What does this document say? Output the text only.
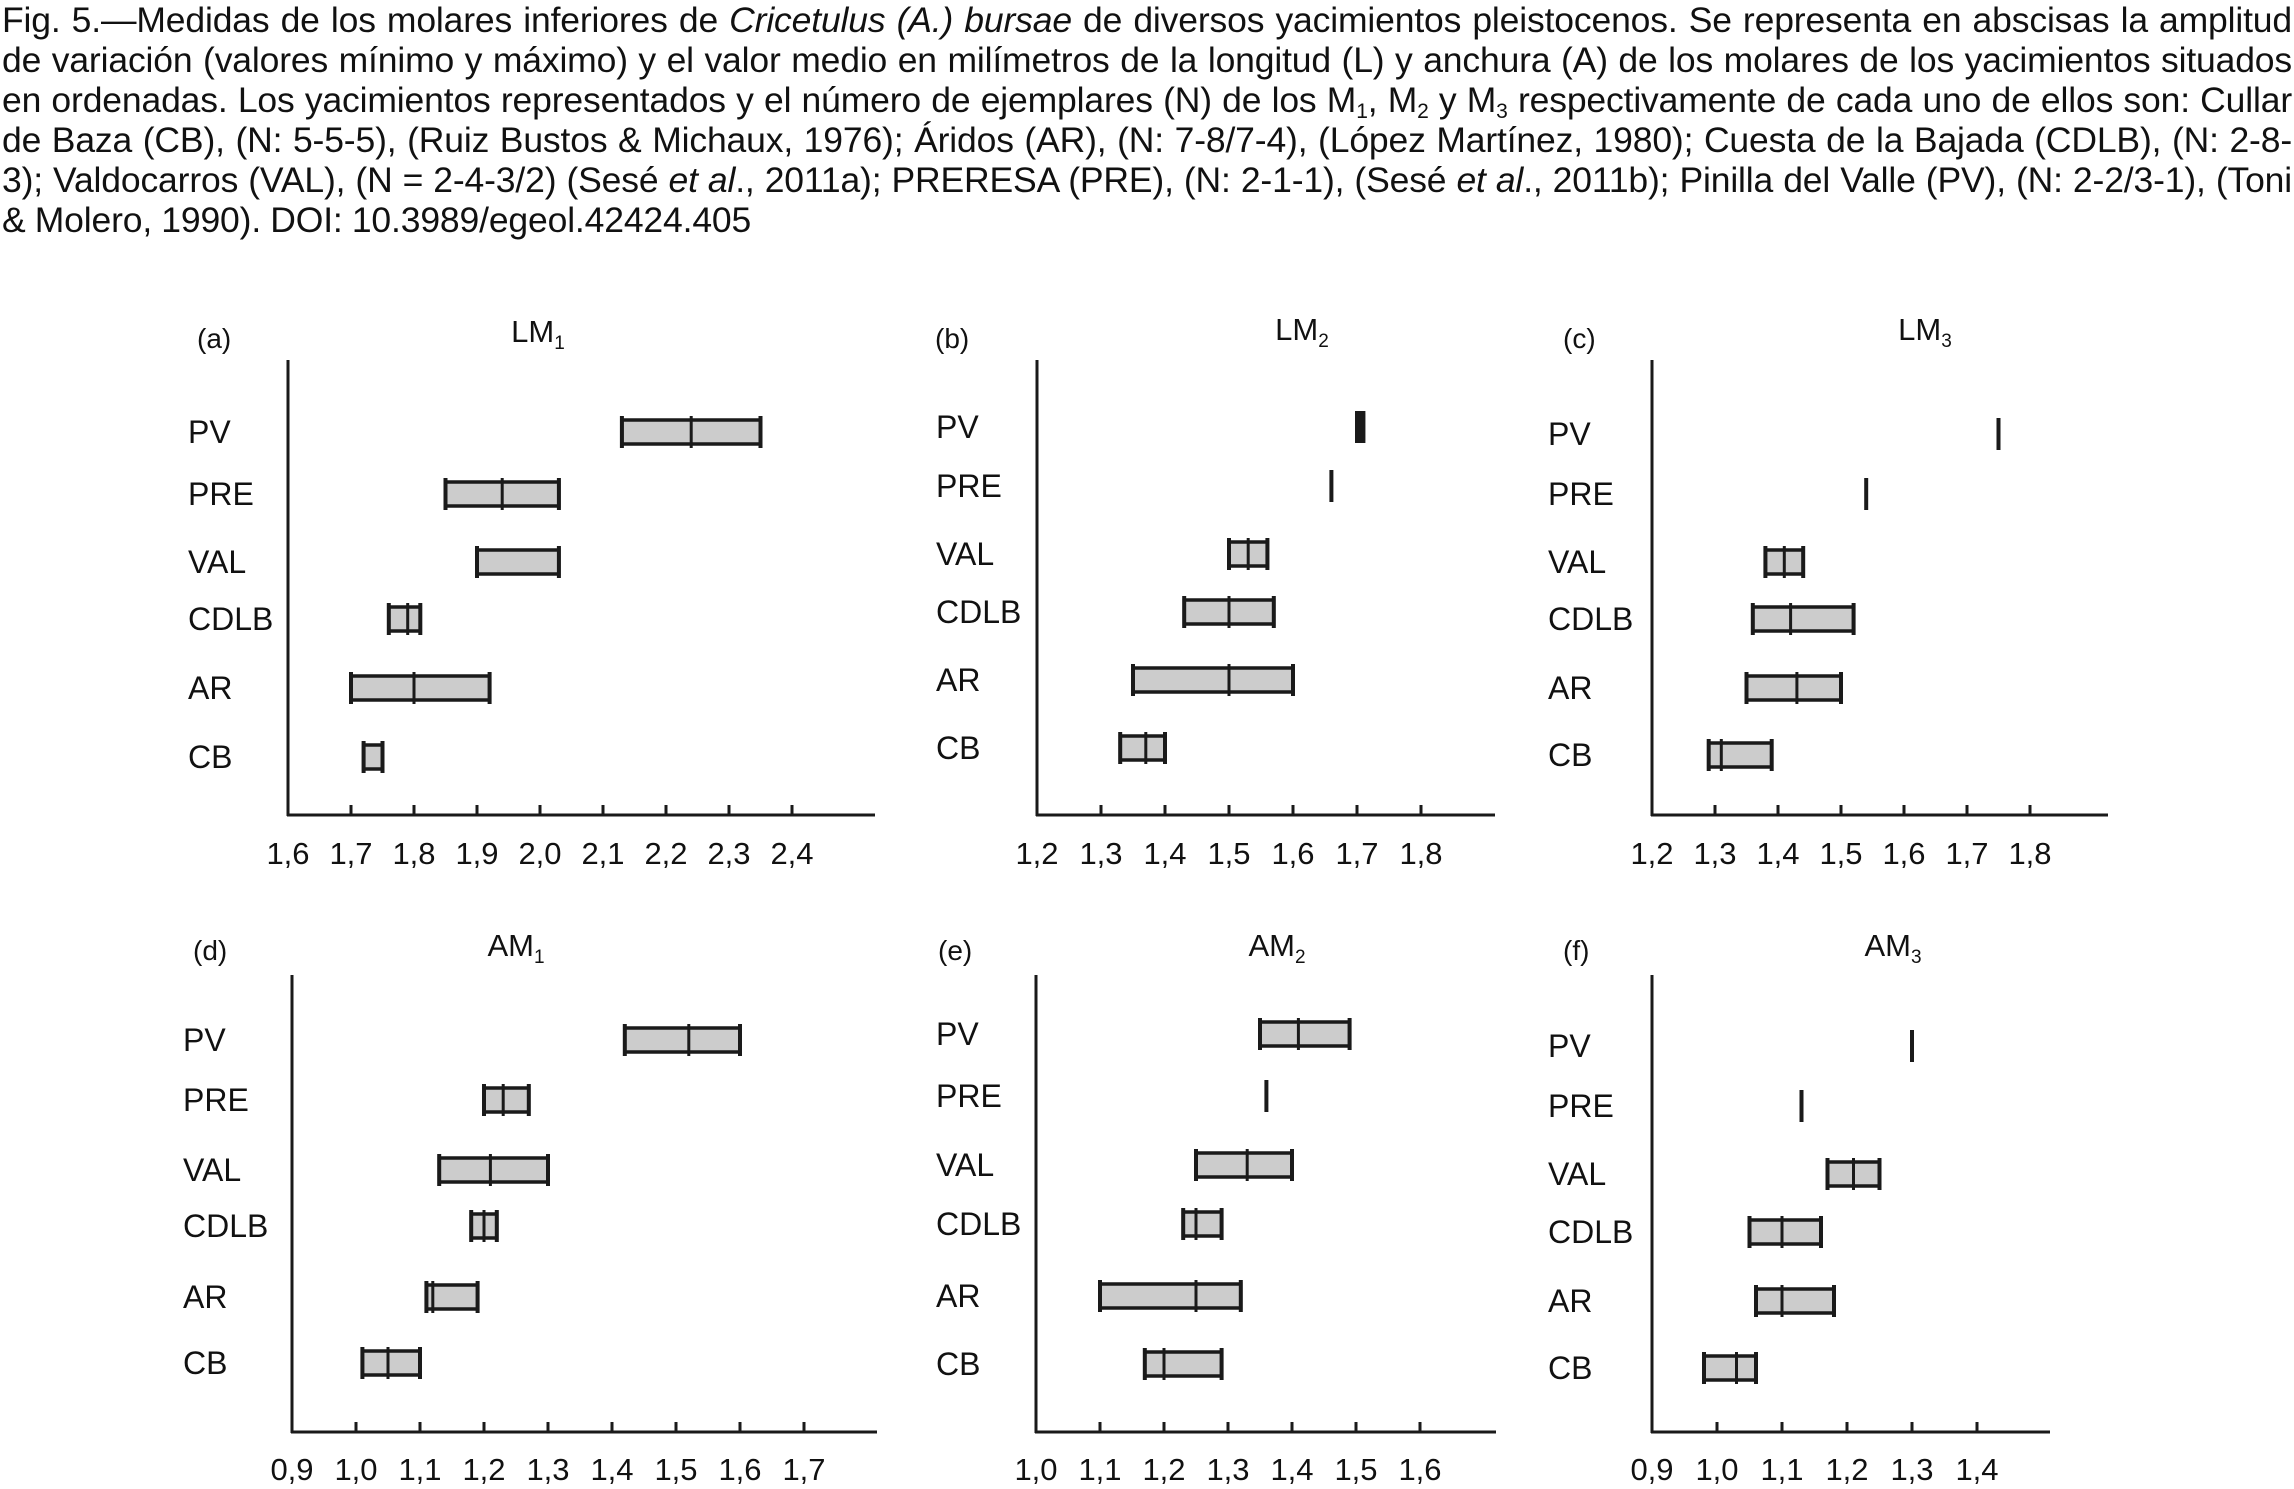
Fig. 5.—Medidas de los molares inferiores de Cricetulus (A.) bursae de diversos yacimientos pleistocenos. Se representa en abscisas la amplitud de variación (valores mínimo y máximo) y el valor medio en milímetros de la longitud (L) y anchura (A) de los molares de los yacimientos situados en ordenadas. Los yacimientos representados y el número de ejemplares (N) de los $M_1$, $M_2$ y $M_3$ respectivamente de cada uno de ellos son: Cullar de Baza (CB), (N: 5-5-5), (Ruiz Bustos & Michaux, 1976); Áridos (AR), (N: 7-8/7-4), (López Martínez, 1980); Cuesta de la Bajada (CDLB), (N: 2-8-3); Valdocarros (VAL), (N = 2-4-3/2) (Sesé et al., 2011a); PRERESA (PRE), (N: 2-1-1), (Sesé et al., 2011b); Pinilla del Valle (PV), (N: 2-2/3-1), (Toni & Molero, 1990). DOI: 10.3989/egeol.42424.405
1,6 1,7 1,8 1,9 2,0 2,1 2,2 2,3 2,4
(a)	$LM_1$
PV
PRE
VAL
CDLB
AR
CB
1,2 1,3 1,4 1,5 1,6 1,7 1,8
(b)	$LM_2$
PV
PRE
VAL
CDLB
AR
CB
1,2 1,3 1,4 1,5 1,6 1,7 1,8
(c)	$LM_3$
PV
PRE
VAL
CDLB
AR
CB
0,9 1,0 1,1 1,2 1,3 1,4 1,5 1,6 1,7
(d)	$AM_1$
PV
PRE
VAL
CDLB
AR
CB
1,0 1,1 1,2 1,3 1,4 1,5 1,6
(e)	$AM_2$
PV
PRE
VAL
CDLB
AR
CB
0,9 1,0 1,1 1,2 1,3 1,4
(f)	$AM_3$
PV
PRE
VAL
CDLB
AR
CB
